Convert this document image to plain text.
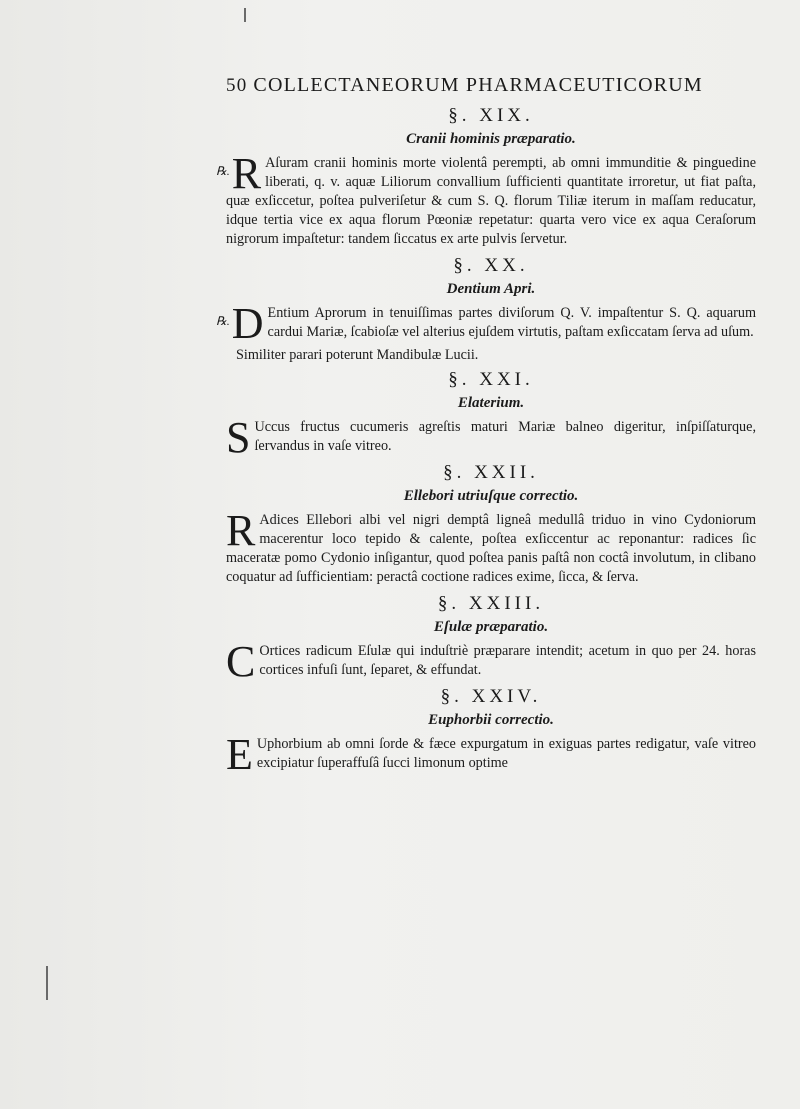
50 COLLECTANEORUM PHARMACEUTICORUM
§. XIX.
Cranii hominis præparatio.
℞. R Aſuram cranii hominis morte violentâ perempti, ab omni immunditie & pinguedine liberati, q. v. aquæ Liliorum convallium ſufficienti quantitate irroretur, ut fiat paſta, quæ exſiccetur, poſtea pulveriſetur & cum S. Q. florum Tiliæ iterum in maſſam reducatur, idque tertia vice ex aqua florum Pœoniæ repetatur: quarta vero vice ex aqua Ceraſorum nigrorum impaſtetur: tandem ſiccatus ex arte pulvis ſervetur.
§. XX.
Dentium Apri.
℞. D Entium Aprorum in tenuiſſimas partes diviſorum Q. V. impaſtentur S. Q. aquarum cardui Mariæ, ſcabioſæ vel alterius ejuſdem virtutis, paſtam exſiccatam ſerva ad uſum.
Similiter parari poterunt Mandibulæ Lucii.
§. XXI.
Elaterium.
S Uccus fructus cucumeris agreſtis maturi Mariæ balneo digeritur, inſpiſſaturque, ſervandus in vaſe vitreo.
§. XXII.
Ellebori utriuſque correctio.
R Adices Ellebori albi vel nigri demptâ ligneâ medullâ triduo in vino Cydoniorum macerentur loco tepido & calente, poſtea exſiccentur ac reponantur: radices ſic maceratæ pomo Cydonio inſigantur, quod poſtea panis paſtâ non coctâ involutum, in clibano coquatur ad ſufficientiam: peractâ coctione radices exime, ſicca, & ſerva.
§. XXIII.
Eſulæ præparatio.
C Ortices radicum Eſulæ qui induſtriè præparare intendit; acetum in quo per 24. horas cortices infuſi ſunt, ſeparet, & effundat.
§. XXIV.
Euphorbii correctio.
E Uphorbium ab omni ſorde & fæce expurgatum in exiguas partes redigatur, vaſe vitreo excipiatur ſuperaffuſâ ſucci limonum optime
